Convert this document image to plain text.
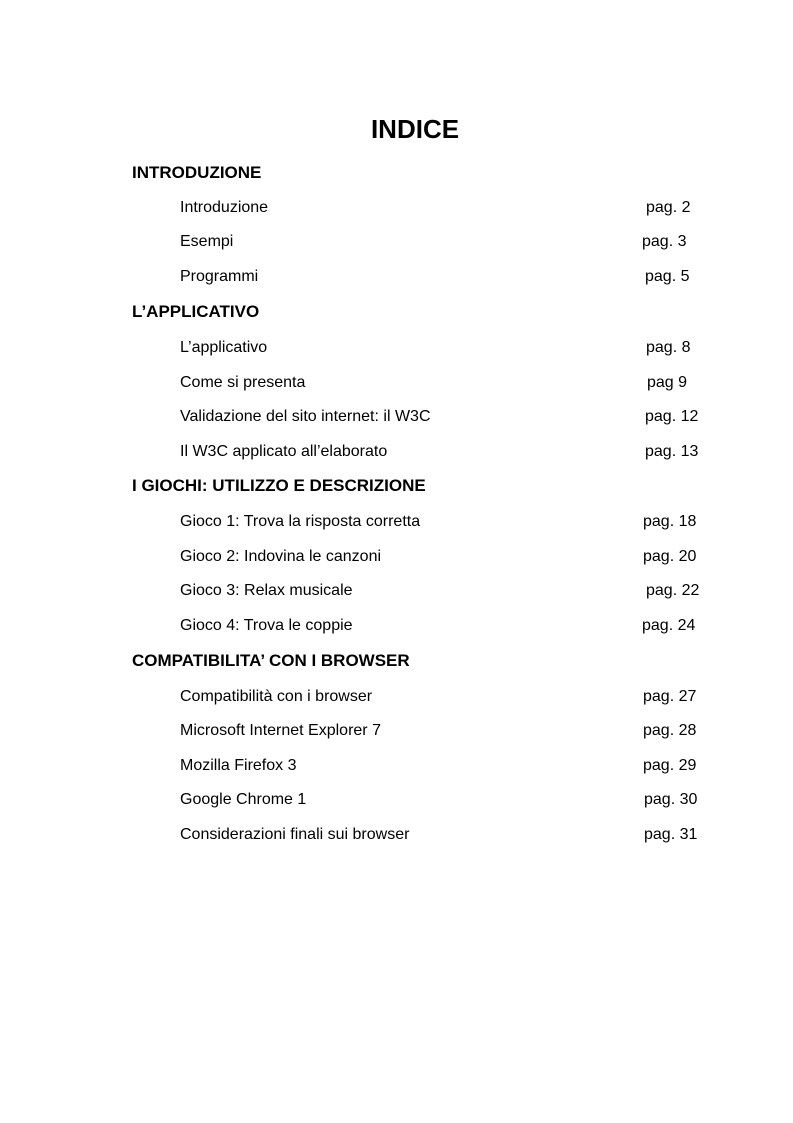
INDICE
INTRODUZIONE
Introduzione	pag. 2
Esempi	pag. 3
Programmi	pag. 5
L’APPLICATIVO
L’applicativo	pag. 8
Come si presenta	pag 9
Validazione del sito internet: il W3C	pag. 12
Il W3C applicato all’elaborato	pag. 13
I GIOCHI: UTILIZZO E DESCRIZIONE
Gioco 1: Trova la risposta corretta	pag. 18
Gioco 2: Indovina le canzoni	pag. 20
Gioco 3: Relax musicale	pag. 22
Gioco 4: Trova le coppie	pag. 24
COMPATIBILITA’ CON I BROWSER
Compatibilità con i browser	pag. 27
Microsoft Internet Explorer 7	pag. 28
Mozilla Firefox 3	pag. 29
Google Chrome 1	pag. 30
Considerazioni finali sui browser	pag. 31
